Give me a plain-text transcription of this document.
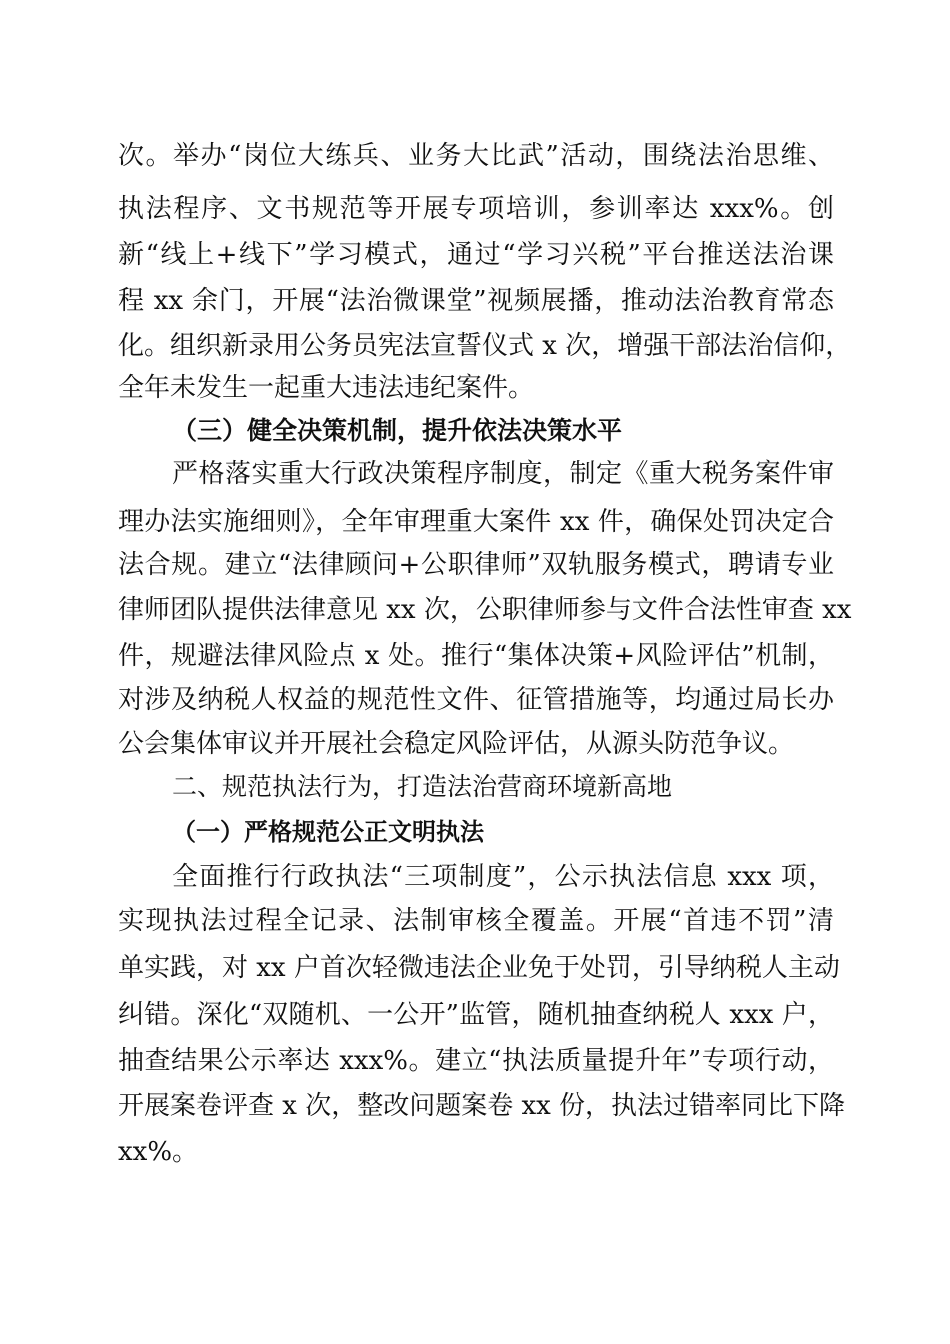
次。举办“岗位大练兵、业务大比武”活动，围绕法治思维、
执法程序、文书规范等开展专项培训，参训率达 xxx%。创
新“线上+线下”学习模式，通过“学习兴税”平台推送法治课
程 xx 余门，开展“法治微课堂”视频展播，推动法治教育常态
化。组织新录用公务员宪法宣誓仪式 x 次，增强干部法治信仰，
全年未发生一起重大违法违纪案件。
（三）健全决策机制，提升依法决策水平
严格落实重大行政决策程序制度，制定《重大税务案件审
理办法实施细则》，全年审理重大案件 xx 件，确保处罚决定合
法合规。建立“法律顾问+公职律师”双轨服务模式，聘请专业
律师团队提供法律意见 xx 次，公职律师参与文件合法性审查 xx
件，规避法律风险点 x 处。推行“集体决策+风险评估”机制，
对涉及纳税人权益的规范性文件、征管措施等，均通过局长办
公会集体审议并开展社会稳定风险评估，从源头防范争议。
二、规范执法行为，打造法治营商环境新高地
（一）严格规范公正文明执法
全面推行行政执法“三项制度”，公示执法信息 xxx 项，
实现执法过程全记录、法制审核全覆盖。开展“首违不罚”清
单实践，对 xx 户首次轻微违法企业免于处罚，引导纳税人主动
纠错。深化“双随机、一公开”监管，随机抽查纳税人 xxx 户，
抽查结果公示率达 xxx%。建立“执法质量提升年”专项行动，
开展案卷评查 x 次，整改问题案卷 xx 份，执法过错率同比下降
xx%。
